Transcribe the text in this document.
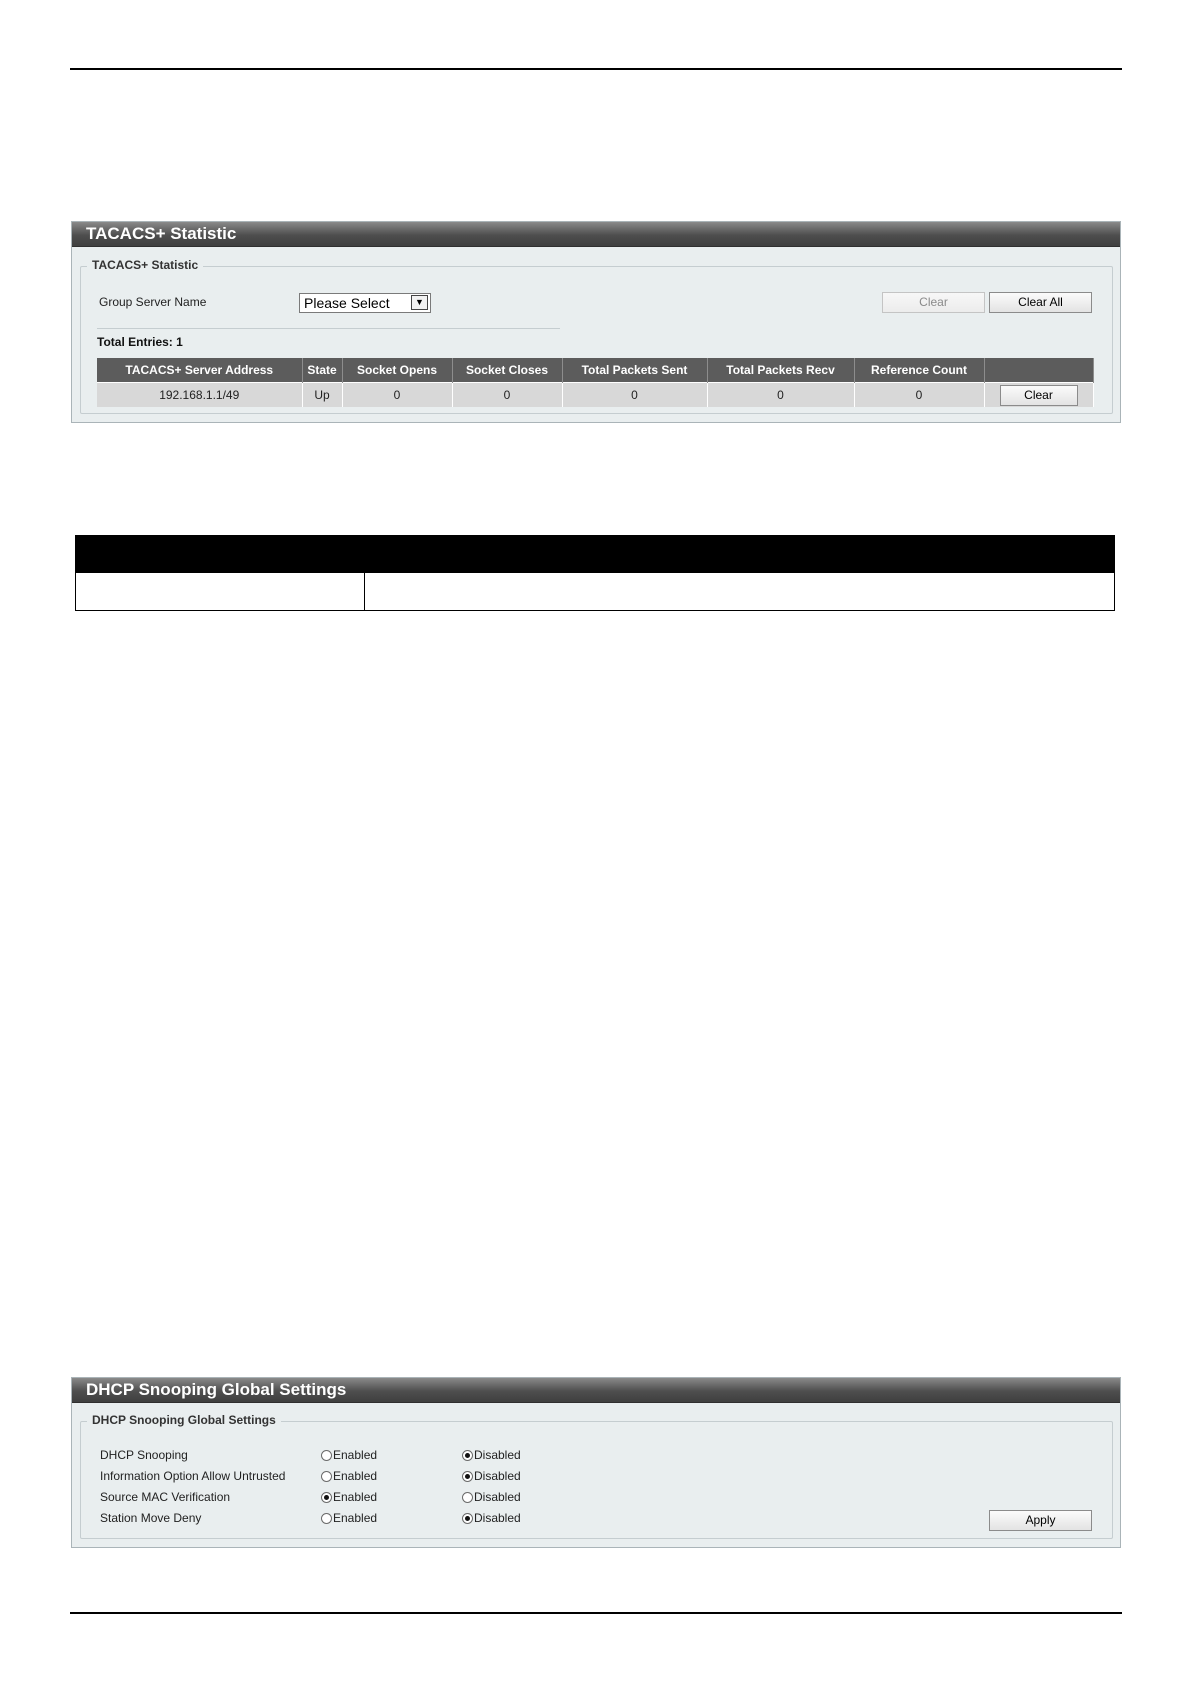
TACACS+ Statistic
TACACS+ Statistic
Group Server Name	Please Select	▼	Clear	Clear All
Total Entries: 1
TACACS+ Server Address	State	Socket Opens	Socket Closes	Total Packets Sent	Total Packets Recv	Reference Count	
192.168.1.1/49	Up	0	0	0	0	0	Clear

DHCP Snooping Global Settings
DHCP Snooping Global Settings
DHCP Snooping	Enabled	Disabled
Information Option Allow Untrusted	Enabled	Disabled
Source MAC Verification	Enabled	Disabled
Station Move Deny	Enabled	Disabled	Apply
